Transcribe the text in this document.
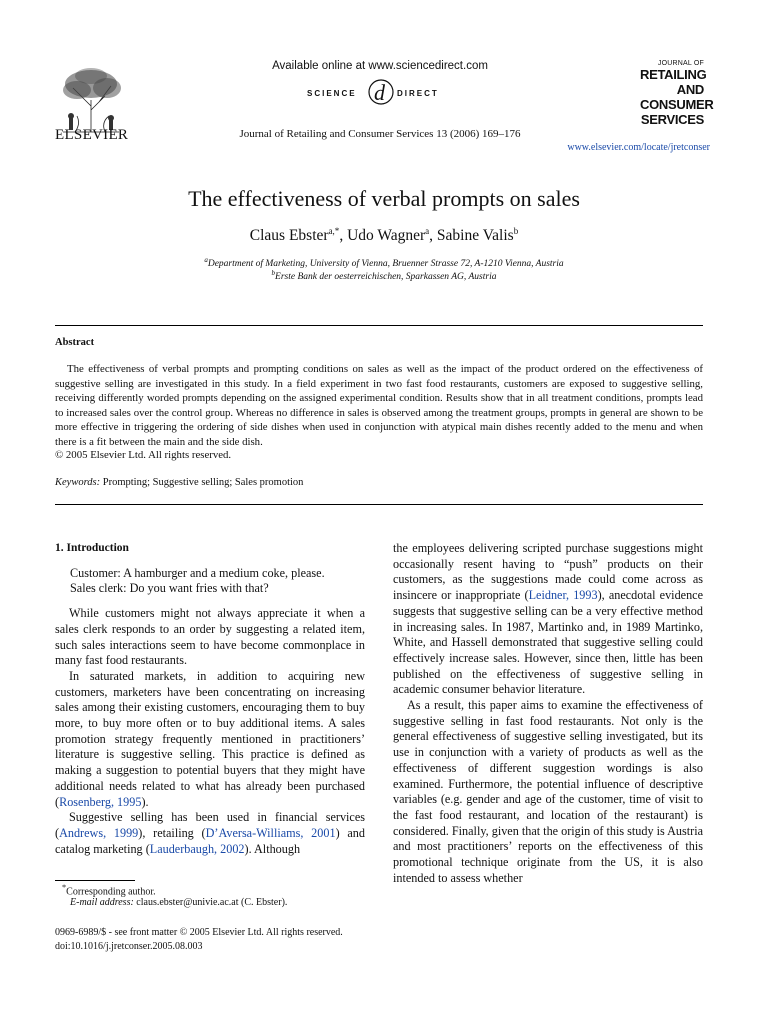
ELSEVIER
Available online at www.sciencedirect.com
SCIENCE d DIRECT
Journal of Retailing and Consumer Services 13 (2006) 169–176
JOURNAL OF
RETAILING
AND
CONSUMER
SERVICES
www.elsevier.com/locate/jretconser
The effectiveness of verbal prompts on sales
Claus Ebster$^{a,*}$, Udo Wagner$^a$, Sabine Valis$^b$
$^a$Department of Marketing, University of Vienna, Bruenner Strasse 72, A-1210 Vienna, Austria
$^b$Erste Bank der oesterreichischen, Sparkassen AG, Austria
Abstract

The effectiveness of verbal prompts and prompting conditions on sales as well as the impact of the product ordered on the effectiveness of suggestive selling are investigated in this study. In a field experiment in two fast food restaurants, customers are exposed to suggestive selling, receiving differently worded prompts depending on the assigned experimental condition. Results show that in all treatment conditions, prompts lead to increased sales over the control group. Whereas no difference in sales is observed among the treatment groups, prompts in general are shown to be more effective in triggering the ordering of side dishes when used in conjunction with atypical main dishes recently added to the menu and when there is a fit between the main and the side dish.

© 2005 Elsevier Ltd. All rights reserved.
Keywords: Prompting; Suggestive selling; Sales promotion

1. Introduction

Customer: A hamburger and a medium coke, please.

Sales clerk: Do you want fries with that?

While customers might not always appreciate it when a sales clerk responds to an order by suggesting a related item, such sales interactions seem to have become commonplace in many fast food restaurants.

In saturated markets, in addition to acquiring new customers, marketers have been concentrating on increasing sales among their existing customers, encouraging them to buy more, to buy more often or to buy additional items. A sales promotion strategy frequently mentioned in practitioners’ literature is suggestive selling. This practice is defined as making a suggestion to potential buyers that they might have additional needs related to what has already been purchased (Rosenberg, 1995).

Suggestive selling has been used in financial services (Andrews, 1999), retailing (D’Aversa-Williams, 2001) and catalog marketing (Lauderbaugh, 2002). Although

*Corresponding author.
E-mail address: claus.ebster@univie.ac.at (C. Ebster).
0969-6989/$ - see front matter © 2005 Elsevier Ltd. All rights reserved.
doi:10.1016/j.jretconser.2005.08.003

the employees delivering scripted purchase suggestions might occasionally resent having to “push” products on their customers, as the suggestions made could come across as insincere or inappropriate (Leidner, 1993), anecdotal evidence suggests that suggestive selling can be a very effective method in increasing sales. In 1987, Martinko and, in 1989 Martinko, White, and Hassell demonstrated that suggestive selling could effectively increase sales. However, since then, little has been published on the effectiveness of suggestive selling in academic consumer behavior literature.

As a result, this paper aims to examine the effectiveness of suggestive selling in fast food restaurants. Not only is the general effectiveness of suggestive selling investigated, but its use in conjunction with a variety of products as well as the effectiveness of different suggestion wordings is also examined. Furthermore, the potential influence of descriptive variables (e.g. gender and age of the customer, time of visit to the fast food restaurant, and location of the restaurant) is considered. Finally, given that the origin of this study is Austria and most practitioners’ reports on the effectiveness of this promotional technique originate from the US, it is also intended to assess whether
